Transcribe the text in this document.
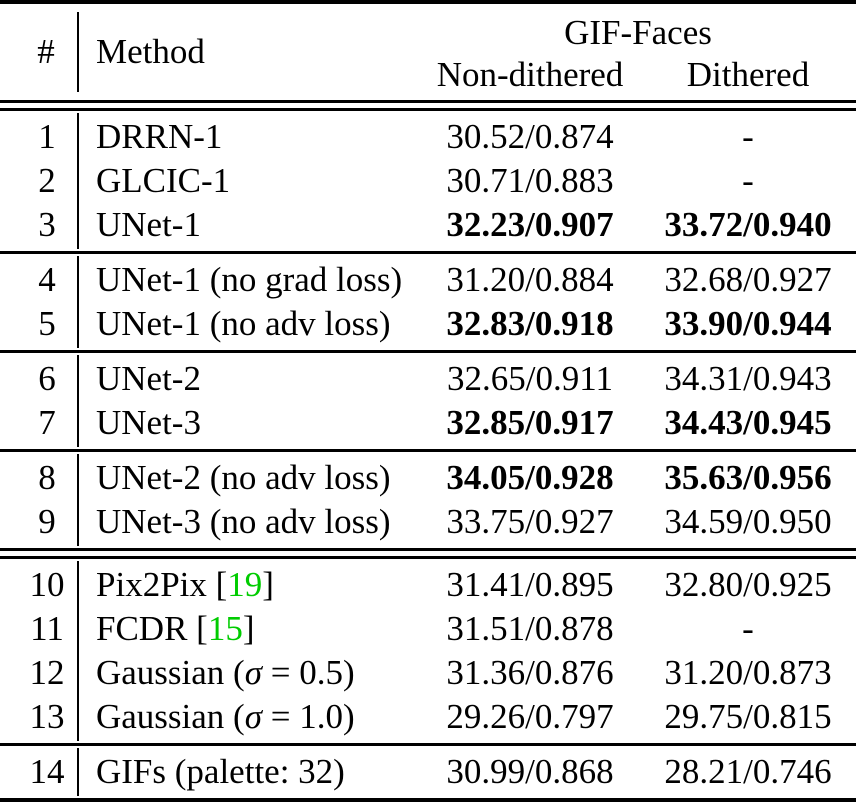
#	Method	GIF-Faces
Non-dithered	Dithered
1	DRRN-1	30.52/0.874	-
2	GLCIC-1	30.71/0.883	-
3	UNet-1	32.23/0.907	33.72/0.940
4	UNet-1 (no grad loss)	31.20/0.884	32.68/0.927
5	UNet-1 (no adv loss)	32.83/0.918	33.90/0.944
6	UNet-2	32.65/0.911	34.31/0.943
7	UNet-3	32.85/0.917	34.43/0.945
8	UNet-2 (no adv loss)	34.05/0.928	35.63/0.956
9	UNet-3 (no adv loss)	33.75/0.927	34.59/0.950
10 Pix2Pix [19]	31.41/0.895	32.80/0.925
11 FCDR [15]	31.51/0.878	-
12 Gaussian (σ = 0.5)	31.36/0.876	31.20/0.873
13 Gaussian (σ = 1.0)	29.26/0.797	29.75/0.815
14 GIFs (palette: 32)	30.99/0.868	28.21/0.746
